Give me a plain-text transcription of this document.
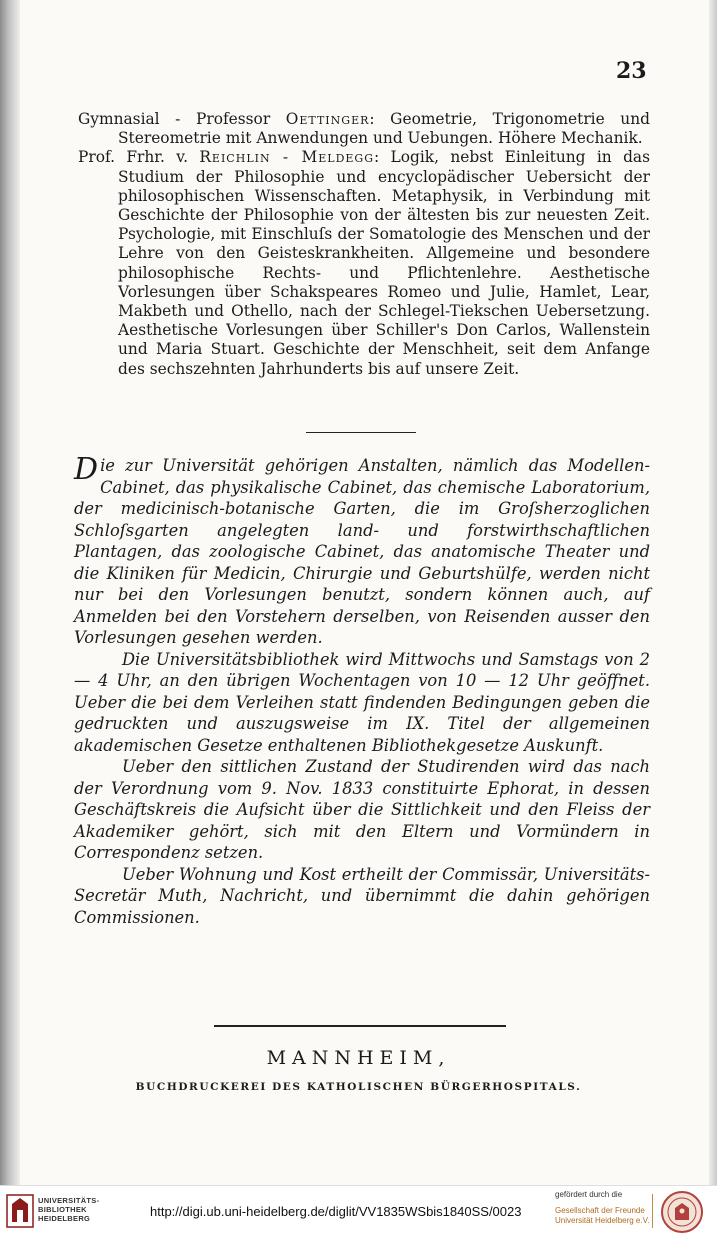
23

Gymnasial - Professor Oettinger: Geometrie, Trigonometrie und Stereometrie mit Anwendungen und Uebungen. Höhere Mechanik.

Prof. Frhr. v. Reichlin - Meldegg: Logik, nebst Einleitung in das Studium der Philosophie und encyclopädischer Uebersicht der philosophischen Wissenschaften. Metaphysik, in Verbindung mit Geschichte der Philosophie von der ältesten bis zur neuesten Zeit. Psychologie, mit Einschluſs der Somatologie des Menschen und der Lehre von den Geisteskrankheiten. Allgemeine und besondere philosophische Rechts- und Pflichtenlehre. Aesthetische Vorlesungen über Schakspeares Romeo und Julie, Hamlet, Lear, Makbeth und Othello, nach der Schlegel-Tiekschen Uebersetzung. Aesthetische Vorlesungen über Schiller's Don Carlos, Wallenstein und Maria Stuart. Geschichte der Menschheit, seit dem Anfange des sechszehnten Jahrhunderts bis auf unsere Zeit.

Die zur Universität gehörigen Anstalten, nämlich das Modellen-Cabinet, das physikalische Cabinet, das chemische Laboratorium, der medicinisch-botanische Garten, die im Groſsherzoglichen Schloſsgarten angelegten land- und forstwirthschaftlichen Plantagen, das zoologische Cabinet, das anatomische Theater und die Kliniken für Medicin, Chirurgie und Geburtshülfe, werden nicht nur bei den Vorlesungen benutzt, sondern können auch, auf Anmelden bei den Vorstehern derselben, von Reisenden ausser den Vorlesungen gesehen werden.

Die Universitätsbibliothek wird Mittwochs und Samstags von 2 — 4 Uhr, an den übrigen Wochentagen von 10 — 12 Uhr geöffnet. Ueber die bei dem Verleihen statt findenden Bedingungen geben die gedruckten und auszugsweise im IX. Titel der allgemeinen akademischen Gesetze enthaltenen Bibliothekgesetze Auskunft.

Ueber den sittlichen Zustand der Studirenden wird das nach der Verordnung vom 9. Nov. 1833 constituirte Ephorat, in dessen Geschäftskreis die Aufsicht über die Sittlichkeit und den Fleiss der Akademiker gehört, sich mit den Eltern und Vormündern in Correspondenz setzen.

Ueber Wohnung und Kost ertheilt der Commissär, Universitäts-Secretär Muth, Nachricht, und übernimmt die dahin gehörigen Commissionen.

MANNHEIM,
BUCHDRUCKEREI DES KATHOLISCHEN BÜRGERHOSPITALS.
UNIVERSITÄTS-
BIBLIOTHEK
HEIDELBERG	http://digi.ub.uni-heidelberg.de/diglit/VV1835WSbis1840SS/0023
gefördert durch die
Gesellschaft der Freunde
Universität Heidelberg e.V.
